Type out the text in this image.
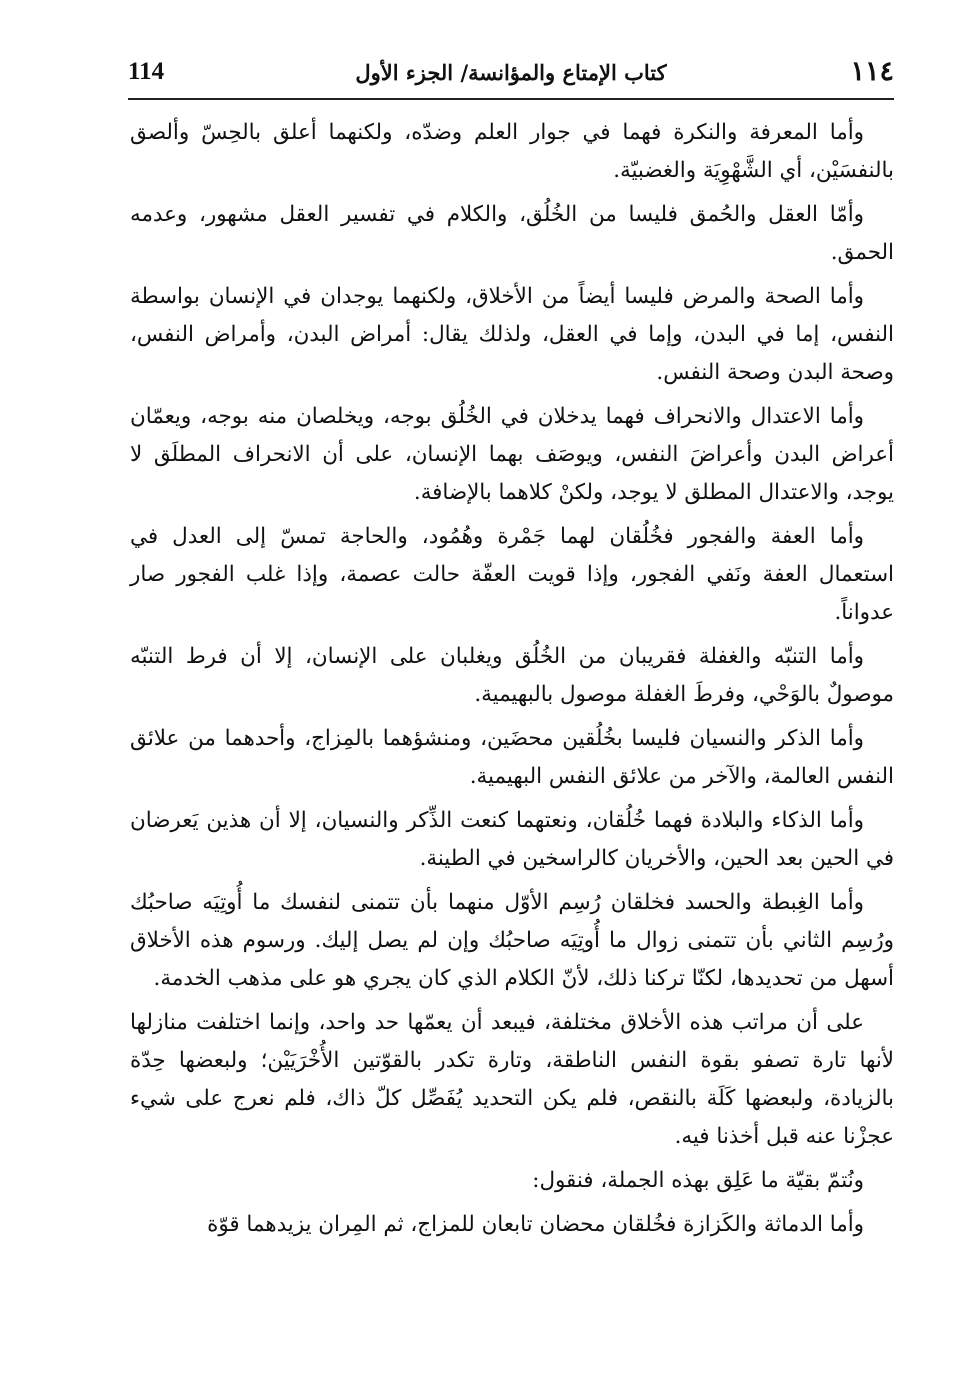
114	كتاب الإمتاع والمؤانسة/ الجزء الأول	١١٤

وأما المعرفة والنكرة فهما في جوار العلم وضدّه، ولكنهما أعلق بالحِسّ وألصق بالنفسَيْن، أي الشَّهْوِيَة والغضبيّة.

وأمّا العقل والحُمق فليسا من الخُلُق، والكلام في تفسير العقل مشهور، وعدمه الحمق.

وأما الصحة والمرض فليسا أيضاً من الأخلاق، ولكنهما يوجدان في الإنسان بواسطة النفس، إما في البدن، وإما في العقل، ولذلك يقال: أمراض البدن، وأمراض النفس، وصحة البدن وصحة النفس.

وأما الاعتدال والانحراف فهما يدخلان في الخُلُق بوجه، ويخلصان منه بوجه، ويعمّان أعراض البدن وأعراضَ النفس، ويوصَف بهما الإنسان، على أن الانحراف المطلَق لا يوجد، والاعتدال المطلق لا يوجد، ولكنْ كلاهما بالإضافة.

وأما العفة والفجور فخُلُقان لهما جَمْرة وهُمُود، والحاجة تمسّ إلى العدل في استعمال العفة ونَفي الفجور، وإذا قويت العفّة حالت عصمة، وإذا غلب الفجور صار عدواناً.

وأما التنبّه والغفلة فقريبان من الخُلُق ويغلبان على الإنسان، إلا أن فرط التنبّه موصولٌ بالوَحْي، وفرطَ الغفلة موصول بالبهيمية.

وأما الذكر والنسيان فليسا بخُلُقين محضَين، ومنشؤهما بالمِزاج، وأحدهما من علائق النفس العالمة، والآخر من علائق النفس البهيمية.

وأما الذكاء والبلادة فهما خُلُقان، ونعتهما كنعت الذِّكر والنسيان، إلا أن هذين يَعرضان في الحين بعد الحين، والأخريان كالراسخين في الطينة.

وأما الغِبطة والحسد فخلقان رُسِم الأوّل منهما بأن تتمنى لنفسك ما أُوتِيَه صاحبُك ورُسِم الثاني بأن تتمنى زوال ما أُوتِيَه صاحبُك وإن لم يصل إليك. ورسوم هذه الأخلاق أسهل من تحديدها، لكنّا تركنا ذلك، لأنّ الكلام الذي كان يجري هو على مذهب الخدمة.

على أن مراتب هذه الأخلاق مختلفة، فيبعد أن يعمّها حد واحد، وإنما اختلفت منازلها لأنها تارة تصفو بقوة النفس الناطقة، وتارة تكدر بالقوّتين الأُخْرَيَيْن؛ ولبعضها حِدّة بالزيادة، ولبعضها كَلَة بالنقص، فلم يكن التحديد يُفَصِّل كلّ ذاك، فلم نعرج على شيء عجزْنا عنه قبل أخذنا فيه.

ونُتمّ بقيّة ما عَلِق بهذه الجملة، فنقول:

وأما الدماثة والكَزازة فخُلقان محضان تابعان للمزاج، ثم المِران يزيدهما قوّة
